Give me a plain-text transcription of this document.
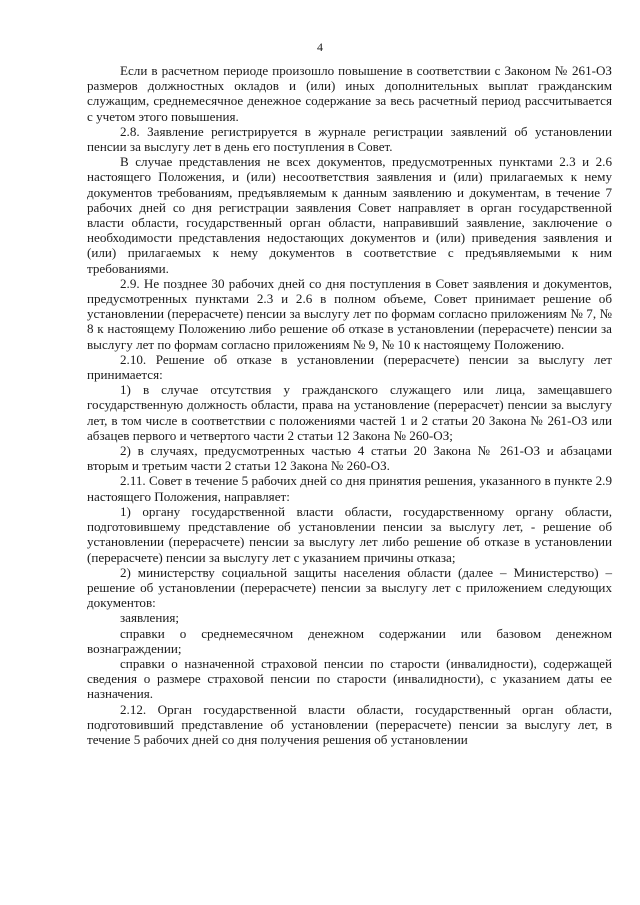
4

Если в расчетном периоде произошло повышение в соответствии с Законом № 261-ОЗ размеров должностных окладов и (или) иных дополнительных выплат гражданским служащим, среднемесячное денежное содержание за весь расчетный период рассчитывается с учетом этого повышения.

2.8. Заявление регистрируется в журнале регистрации заявлений об установлении пенсии за выслугу лет в день его поступления в Совет.

В случае представления не всех документов, предусмотренных пунктами 2.3 и 2.6 настоящего Положения, и (или) несоответствия заявления и (или) прилагаемых к нему документов требованиям, предъявляемым к данным заявлению и документам, в течение 7 рабочих дней со дня регистрации заявления Совет направляет в орган государственной власти области, государственный орган области, направивший заявление, заключение о необходимости представления недостающих документов и (или) приведения заявления и (или) прилагаемых к нему документов в соответствие с предъявляемыми к ним требованиями.

2.9. Не позднее 30 рабочих дней со дня поступления в Совет заявления и документов, предусмотренных пунктами 2.3 и 2.6 в полном объеме, Совет принимает решение об установлении (перерасчете) пенсии за выслугу лет по формам согласно приложениям № 7, № 8 к настоящему Положению либо решение об отказе в установлении (перерасчете) пенсии за выслугу лет по формам согласно приложениям № 9, № 10 к настоящему Положению.

2.10. Решение об отказе в установлении (перерасчете) пенсии за выслугу лет принимается:

1) в случае отсутствия у гражданского служащего или лица, замещавшего государственную должность области, права на установление (перерасчет) пенсии за выслугу лет, в том числе в соответствии с положениями частей 1 и 2 статьи 20 Закона № 261-ОЗ или абзацев первого и четвертого части 2 статьи 12 Закона № 260-ОЗ;

2) в случаях, предусмотренных частью 4 статьи 20 Закона № 261-ОЗ и абзацами вторым и третьим части 2 статьи 12 Закона № 260-ОЗ.

2.11. Совет в течение 5 рабочих дней со дня принятия решения, указанного в пункте 2.9 настоящего Положения, направляет:

1) органу государственной власти области, государственному органу области, подготовившему представление об установлении пенсии за выслугу лет, - решение об установлении (перерасчете) пенсии за выслугу лет либо решение об отказе в установлении (перерасчете) пенсии за выслугу лет с указанием причины отказа;

2) министерству социальной защиты населения области (далее – Министерство) – решение об установлении (перерасчете) пенсии за выслугу лет с приложением следующих документов:

заявления;

справки о среднемесячном денежном содержании или базовом денежном вознаграждении;

справки о назначенной страховой пенсии по старости (инвалидности), содержащей сведения о размере страховой пенсии по старости (инвалидности), с указанием даты ее назначения.

2.12. Орган государственной власти области, государственный орган области, подготовивший представление об установлении (перерасчете) пенсии за выслугу лет, в течение 5 рабочих дней со дня получения решения об установлении
